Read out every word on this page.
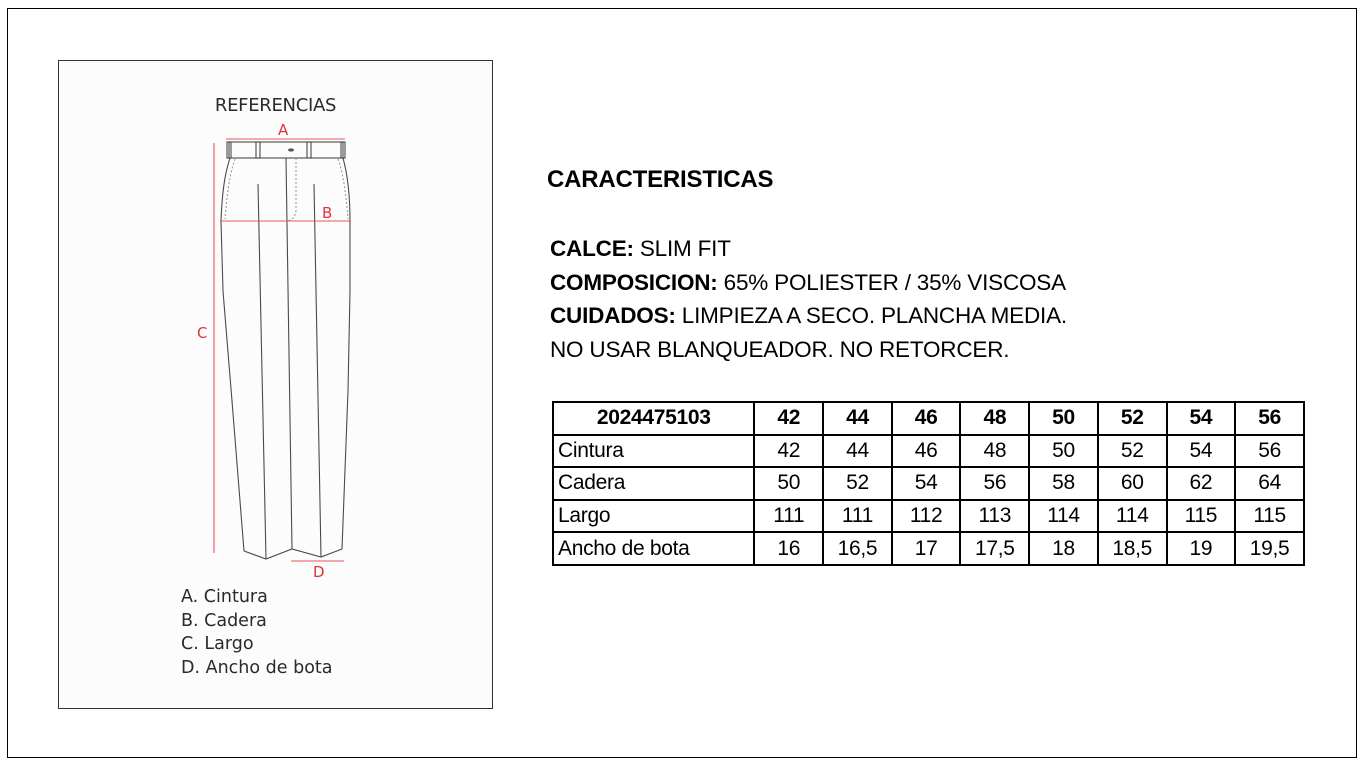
REFERENCIAS
A
B
C
D
A. Cintura
B. Cadera
C. Largo
D. Ancho de bota
CARACTERISTICAS
CALCE: SLIM FIT
COMPOSICION: 65% POLIESTER / 35% VISCOSA
CUIDADOS: LIMPIEZA A SECO. PLANCHA MEDIA.
NO USAR BLANQUEADOR. NO RETORCER.
2024475103	42	44	46	48	50	52	54	56
Cintura	42	44	46	48	50	52	54	56
Cadera	50	52	54	56	58	60	62	64
Largo	111	111	112	113	114	114	115	115
Ancho de bota	16	16,5	17	17,5	18	18,5	19	19,5
